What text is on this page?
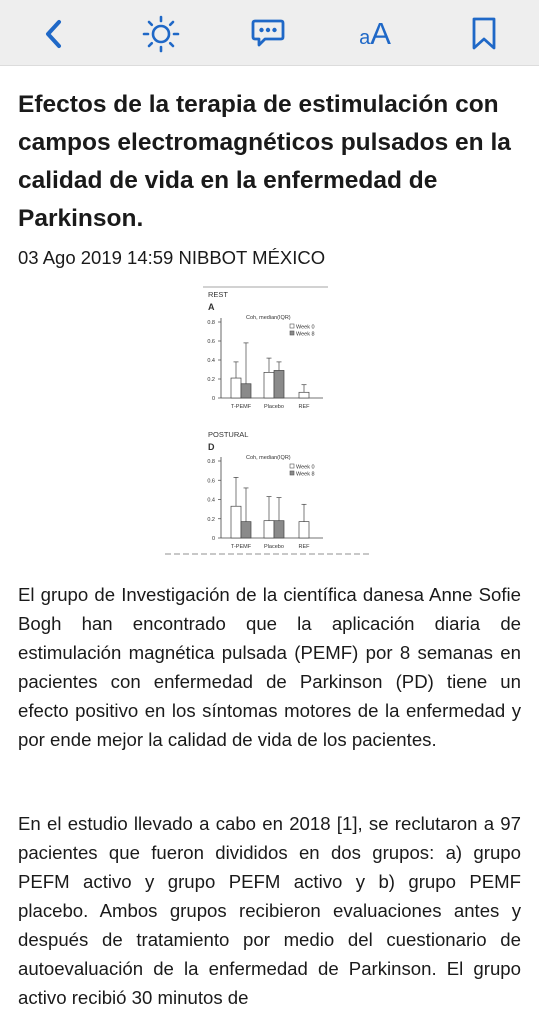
aA
Efectos de la terapia de estimulación con campos electromagnéticos pulsados en la calidad de vida en la enfermedad de Parkinson.
03 Ago 2019 14:59 NIBBOT MÉXICO
REST
A
Coh, median(IQR)
Week 0
Week 8
0
0.2
0.4
0.6
0.8
T-PEMF Placebo	REF
POSTURAL
D
Coh, median(IQR)
Week 0
Week 8
0
0.2
0.4
0.6
0.8
T-PEMF Placebo	REF

El grupo de Investigación de la científica danesa Anne Sofie Bogh han encontrado que la aplicación diaria de estimulación magnética pulsada (PEMF) por 8 semanas en pacientes con enfermedad de Parkinson (PD) tiene un efecto positivo en los síntomas motores de la enfermedad y por ende mejor la calidad de vida de los pacientes.

En el estudio llevado a cabo en 2018 [1], se reclutaron a 97 pacientes que fueron divididos en dos grupos: a) grupo PEFM activo y grupo PEFM activo y b) grupo PEMF placebo. Ambos grupos recibieron evaluaciones antes y después de tratamiento por medio del cuestionario de autoevaluación de la enfermedad de Parkinson. El grupo activo recibió 30 minutos de
